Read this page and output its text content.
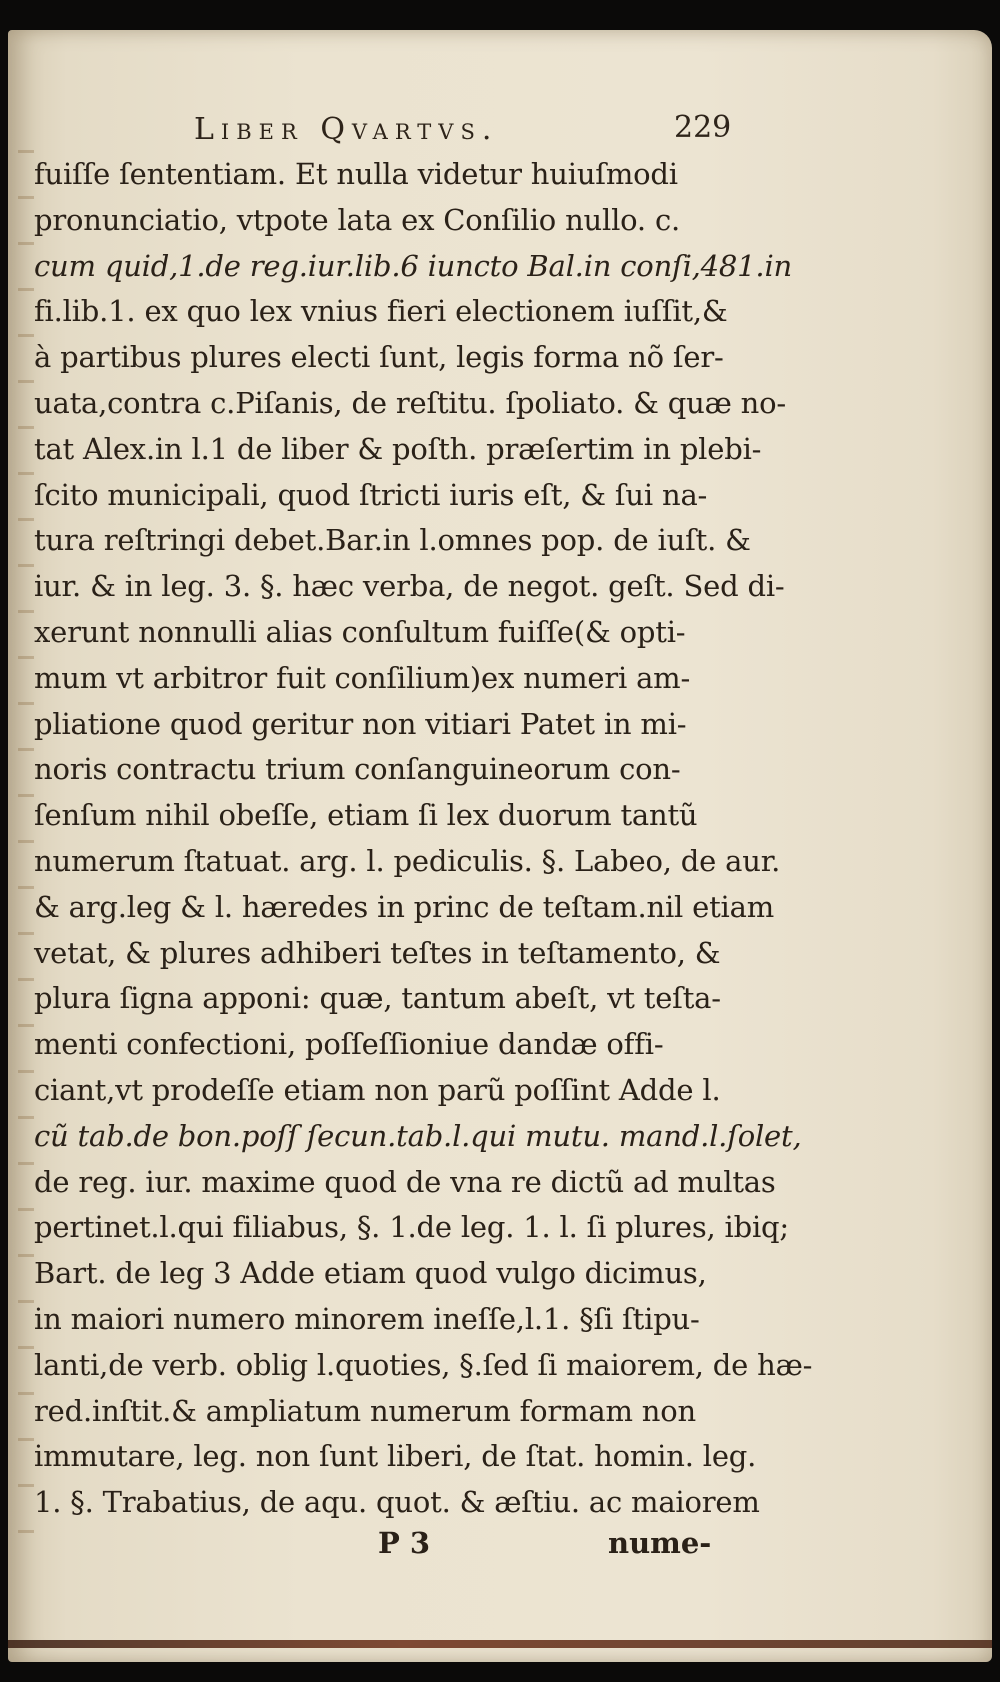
Liber Qvartvs.	229
fuiſſe ſententiam. Et nulla videtur huiuſmodi
pronunciatio, vtpote lata ex Conſilio nullo. c.
cum quid,1.de reg.iur.lib.6 iuncto Bal.in conſi,481.in
fi.lib.1. ex quo lex vnius fieri electionem iuſſit,&
à partibus plures electi ſunt, legis forma nõ ſer-
uata,contra c.Piſanis, de reſtitu. ſpoliato. & quæ no-
tat Alex.in l.1 de liber & poſth. præſertim in plebi-
ſcito municipali, quod ſtricti iuris eſt, & ſui na-
tura reſtringi debet.Bar.in l.omnes pop. de iuſt. &
iur. & in leg. 3. §. hæc verba, de negot. geſt. Sed di-
xerunt nonnulli alias conſultum fuiſſe(& opti-
mum vt arbitror fuit conſilium)ex numeri am-
pliatione quod geritur non vitiari Patet in mi-
noris contractu trium conſanguineorum con-
ſenſum nihil obeſſe, etiam ſi lex duorum tantũ
numerum ſtatuat. arg. l. pediculis. §. Labeo, de aur.
& arg.leg & l. hæredes in princ de teſtam.nil etiam
vetat, & plures adhiberi teſtes in teſtamento, &
plura ſigna apponi: quæ, tantum abeſt, vt teſta-
menti confectioni, poſſeſſioniue dandæ offi-
ciant,vt prodeſſe etiam non parũ poſſint Adde l.
cũ tab.de bon.poſſ ſecun.tab.l.qui mutu. mand.l.ſolet,
de reg. iur. maxime quod de vna re dictũ ad multas
pertinet.l.qui filiabus, §. 1.de leg. 1. l. ſi plures, ibiq;
Bart. de leg 3 Adde etiam quod vulgo dicimus,
in maiori numero minorem ineſſe,l.1. §ſi ſtipu-
lanti,de verb. oblig l.quoties, §.ſed ſi maiorem, de hæ-
red.inſtit.& ampliatum numerum formam non
immutare, leg. non ſunt liberi, de ſtat. homin. leg.
1. §. Trabatius, de aqu. quot. & æſtiu. ac maiorem
P 3	nume-
